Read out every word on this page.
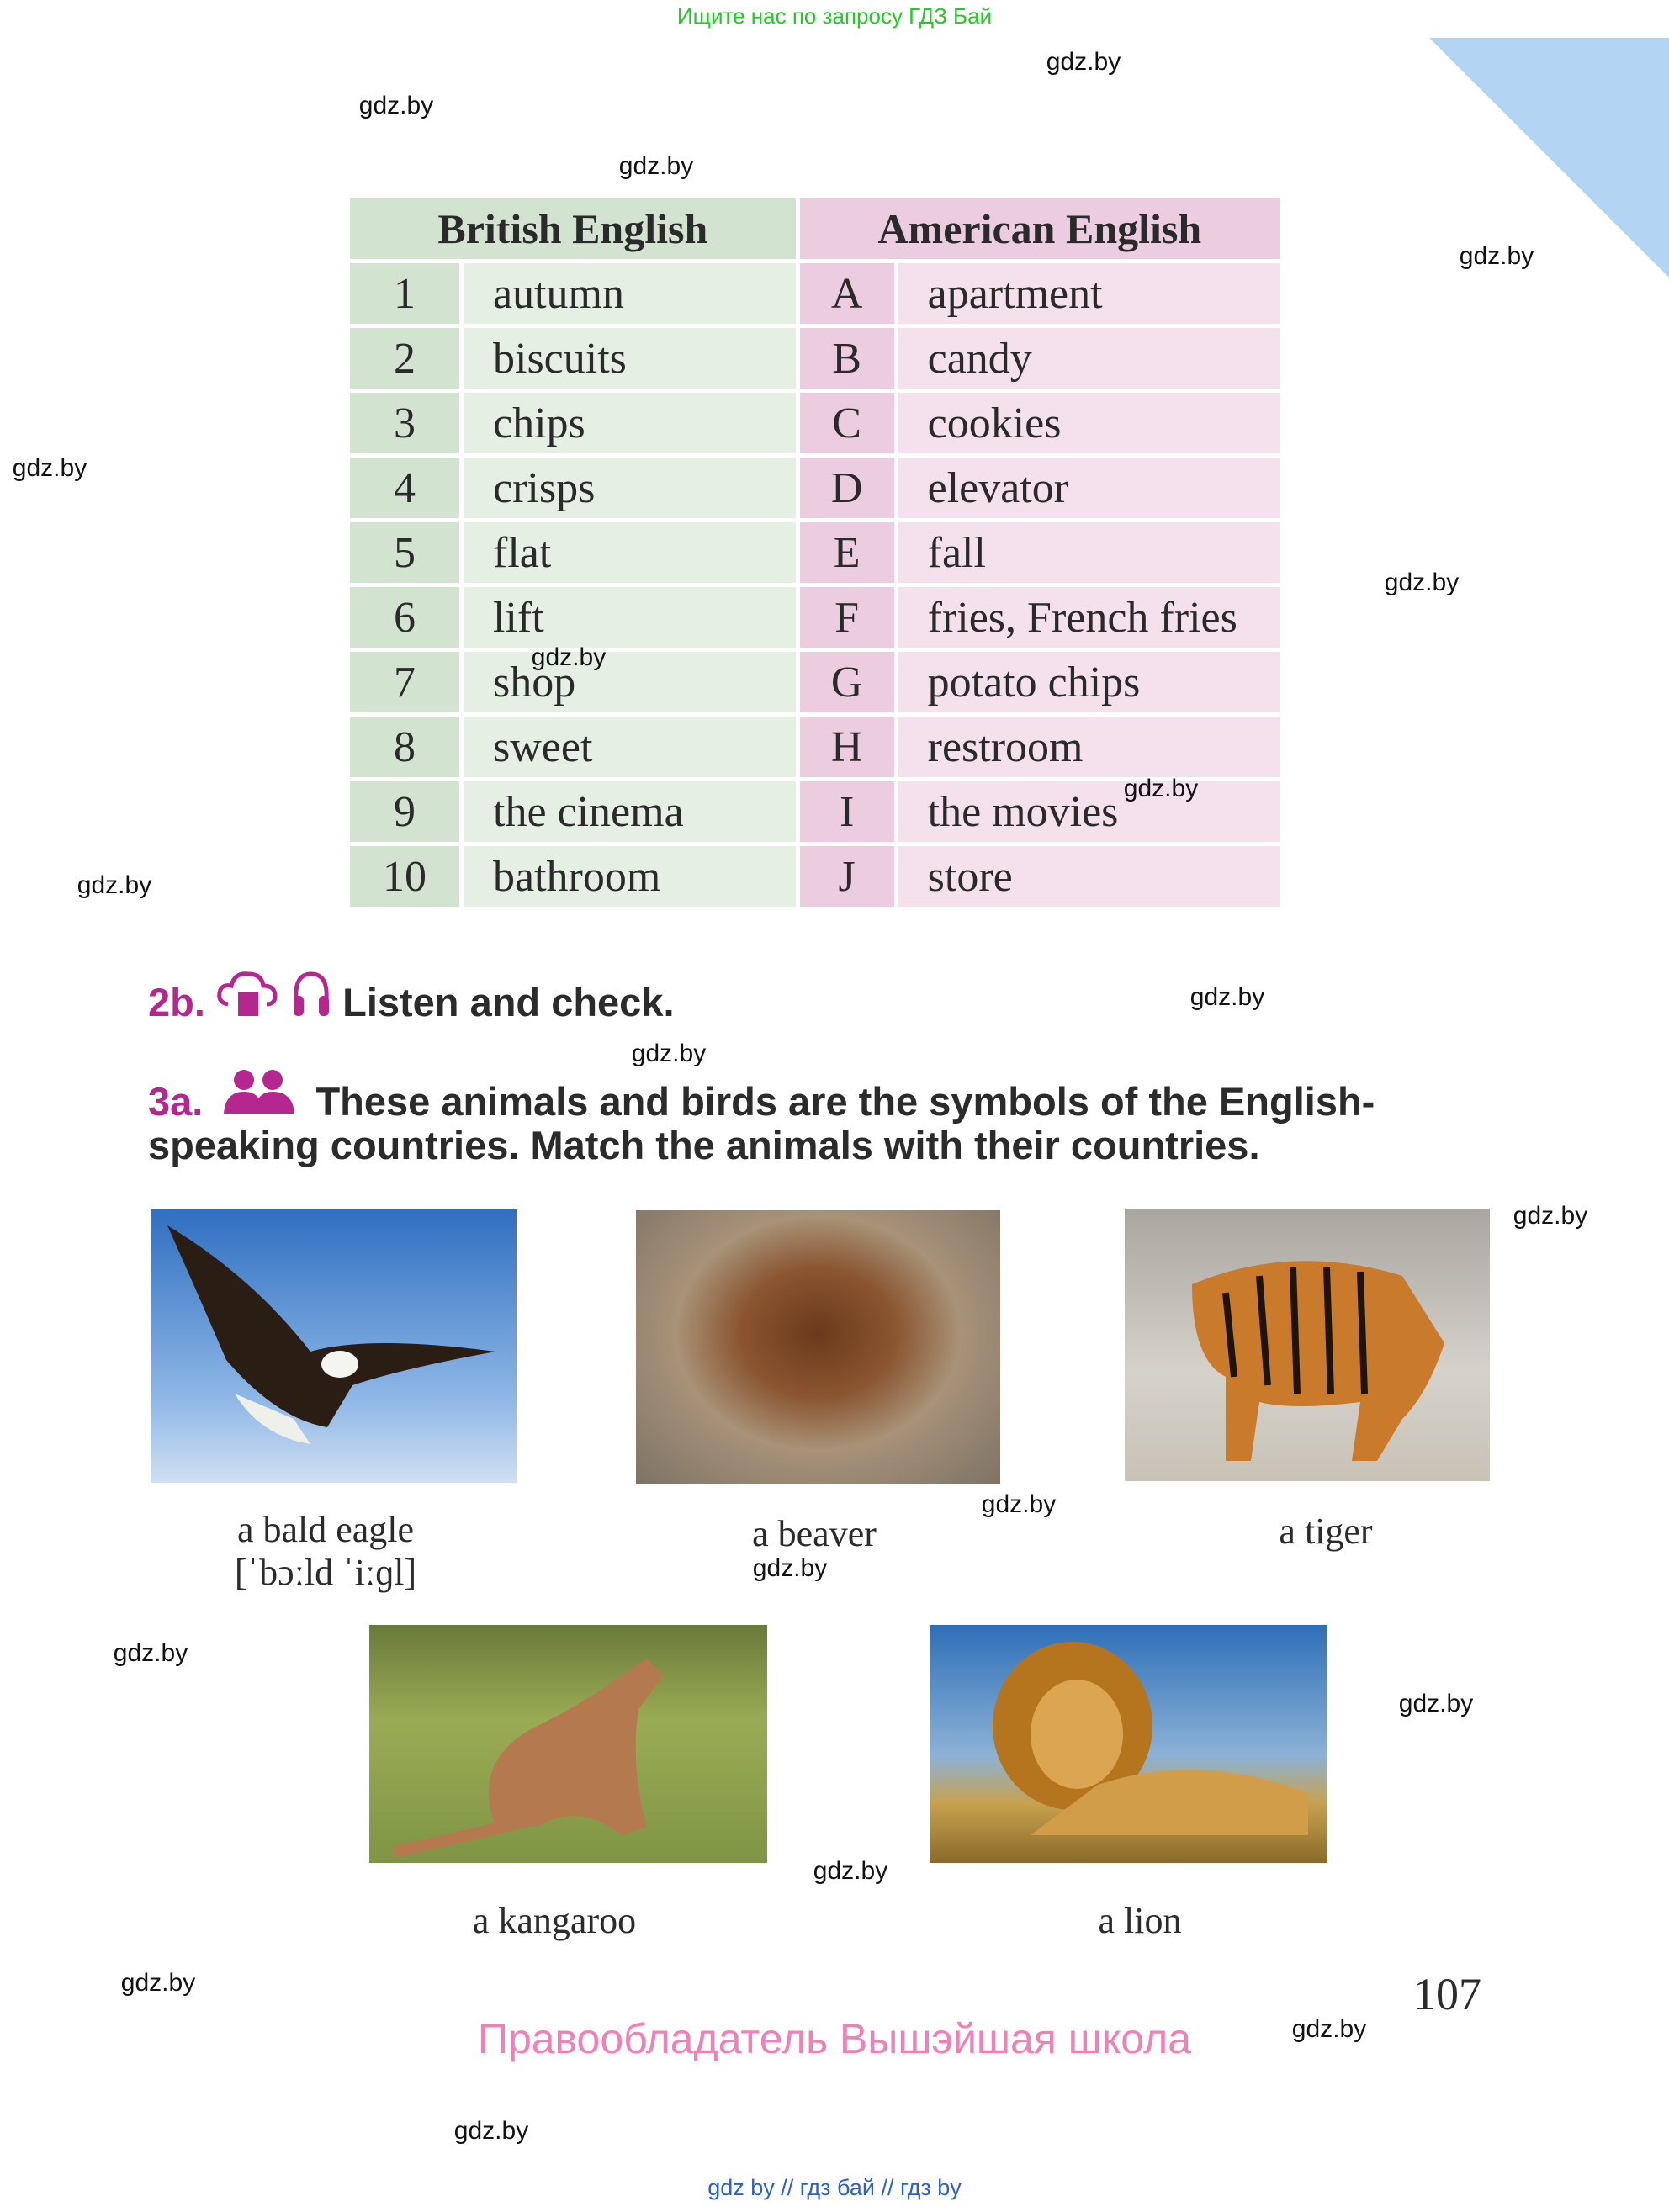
Ищите нас по запросу ГДЗ Бай
British English		American English	
1	autumn	A	apartment
2	biscuits	B	candy
3	chips	C	cookies
4	crisps	D	elevator
5	flat	E	fall
6	lift	F	fries, French fries
7	shop	G	potato chips
8	sweet	H	restroom
9	the cinema	I	the movies
10	bathroom	J	store
2b.	Listen and check.
3a.	These animals and birds are the symbols of the English-
speaking countries. Match the animals with their countries.
a bald eagle
[ˈbɔːld ˈiːɡl]
a beaver	a tiger
a kangaroo	a lion
107
Правообладатель Вышэйшая школа
gdz by // гдз бай // гдз by
gdz.by
gdz.by
gdz.by
gdz.by
gdz.by
gdz.by
gdz.by
gdz.by
gdz.by
gdz.by
gdz.by
gdz.by
gdz.by
gdz.by
gdz.by
gdz.by
gdz.by
gdz.by
gdz.by
gdz.by
